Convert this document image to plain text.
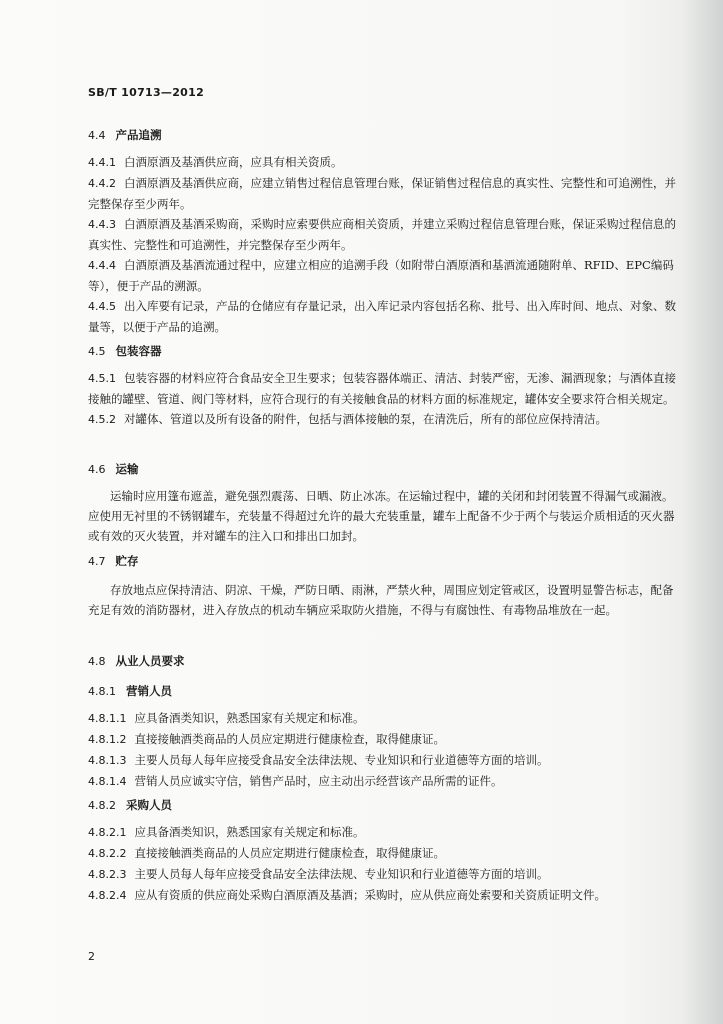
SB/T 10713—2012
4.4 产品追溯
4.4.1 白酒原酒及基酒供应商，应具有相关资质。
4.4.2 白酒原酒及基酒供应商，应建立销售过程信息管理台账，保证销售过程信息的真实性、完整性和可追溯性，并完整保存至少两年。
4.4.3 白酒原酒及基酒采购商，采购时应索要供应商相关资质，并建立采购过程信息管理台账，保证采购过程信息的真实性、完整性和可追溯性，并完整保存至少两年。
4.4.4 白酒原酒及基酒流通过程中，应建立相应的追溯手段（如附带白酒原酒和基酒流通随附单、RFID、EPC编码等），便于产品的溯源。
4.4.5 出入库要有记录，产品的仓储应有存量记录，出入库记录内容包括名称、批号、出入库时间、地点、对象、数量等，以便于产品的追溯。
4.5 包装容器
4.5.1 包装容器的材料应符合食品安全卫生要求；包装容器体端正、清洁、封装严密，无渗、漏酒现象；与酒体直接接触的罐壁、管道、阀门等材料，应符合现行的有关接触食品的材料方面的标准规定，罐体安全要求符合相关规定。
4.5.2 对罐体、管道以及所有设备的附件，包括与酒体接触的泵，在清洗后，所有的部位应保持清洁。
4.6 运输
运输时应用篷布遮盖，避免强烈震荡、日晒、防止冰冻。在运输过程中，罐的关闭和封闭装置不得漏气或漏液。应使用无衬里的不锈钢罐车，充装量不得超过允许的最大充装重量，罐车上配备不少于两个与装运介质相适的灭火器或有效的灭火装置，并对罐车的注入口和排出口加封。
4.7 贮存
存放地点应保持清洁、阴凉、干燥，严防日晒、雨淋，严禁火种，周围应划定管戒区，设置明显警告标志，配备充足有效的消防器材，进入存放点的机动车辆应采取防火措施，不得与有腐蚀性、有毒物品堆放在一起。
4.8 从业人员要求
4.8.1 营销人员
4.8.1.1 应具备酒类知识，熟悉国家有关规定和标准。
4.8.1.2 直接接触酒类商品的人员应定期进行健康检查，取得健康证。
4.8.1.3 主要人员每人每年应接受食品安全法律法规、专业知识和行业道德等方面的培训。
4.8.1.4 营销人员应诚实守信，销售产品时，应主动出示经营该产品所需的证件。
4.8.2 采购人员
4.8.2.1 应具备酒类知识，熟悉国家有关规定和标准。
4.8.2.2 直接接触酒类商品的人员应定期进行健康检查，取得健康证。
4.8.2.3 主要人员每人每年应接受食品安全法律法规、专业知识和行业道德等方面的培训。
4.8.2.4 应从有资质的供应商处采购白酒原酒及基酒；采购时，应从供应商处索要和关资质证明文件。
2
